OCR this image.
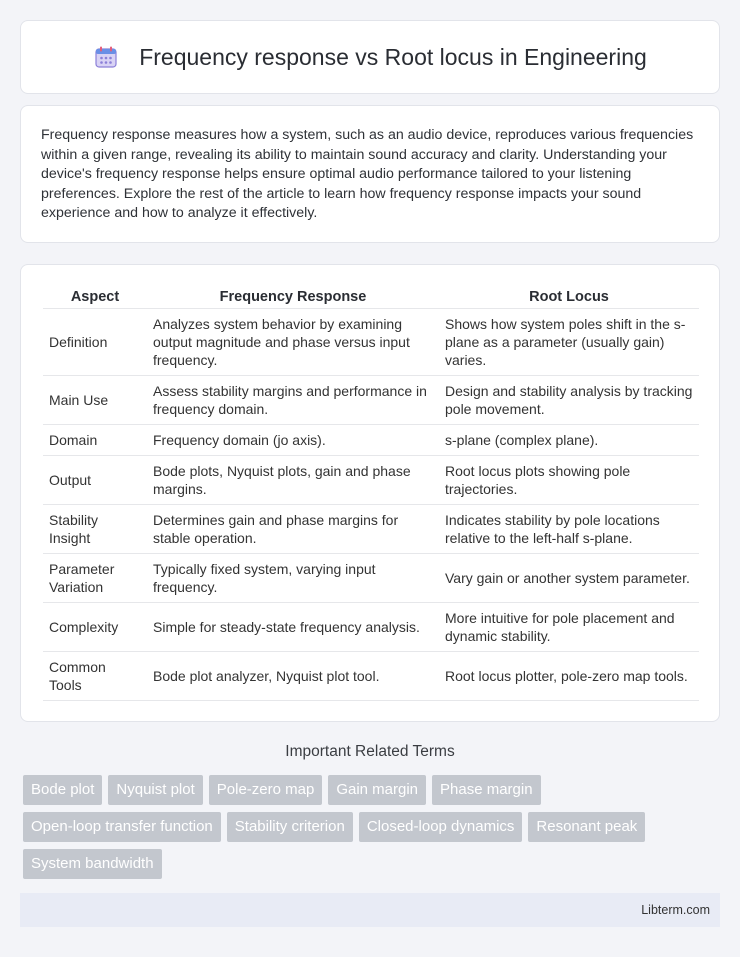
Frequency response vs Root locus in Engineering

Frequency response measures how a system, such as an audio device, reproduces various frequencies within a given range, revealing its ability to maintain sound accuracy and clarity. Understanding your device's frequency response helps ensure optimal audio performance tailored to your listening preferences. Explore the rest of the article to learn how frequency response impacts your sound experience and how to analyze it effectively.

Aspect	Frequency Response	Root Locus
Definition	Analyzes system behavior by examining output magnitude and phase versus input frequency.	Shows how system poles shift in the s-plane as a parameter (usually gain) varies.
Main Use	Assess stability margins and performance in frequency domain.	Design and stability analysis by tracking pole movement.
Domain	Frequency domain (jo axis).	s-plane (complex plane).
Output	Bode plots, Nyquist plots, gain and phase margins.	Root locus plots showing pole trajectories.
Stability Insight	Determines gain and phase margins for stable operation.	Indicates stability by pole locations relative to the left-half s-plane.
Parameter Variation	Typically fixed system, varying input frequency.	Vary gain or another system parameter.
Complexity	Simple for steady-state frequency analysis.	More intuitive for pole placement and dynamic stability.
Common Tools	Bode plot analyzer, Nyquist plot tool.	Root locus plotter, pole-zero map tools.
Important Related Terms
Bode plot	Nyquist plot	Pole-zero map	Gain margin	Phase margin
Open-loop transfer function	Stability criterion	Closed-loop dynamics	Resonant peak
System bandwidth
Libterm.com
